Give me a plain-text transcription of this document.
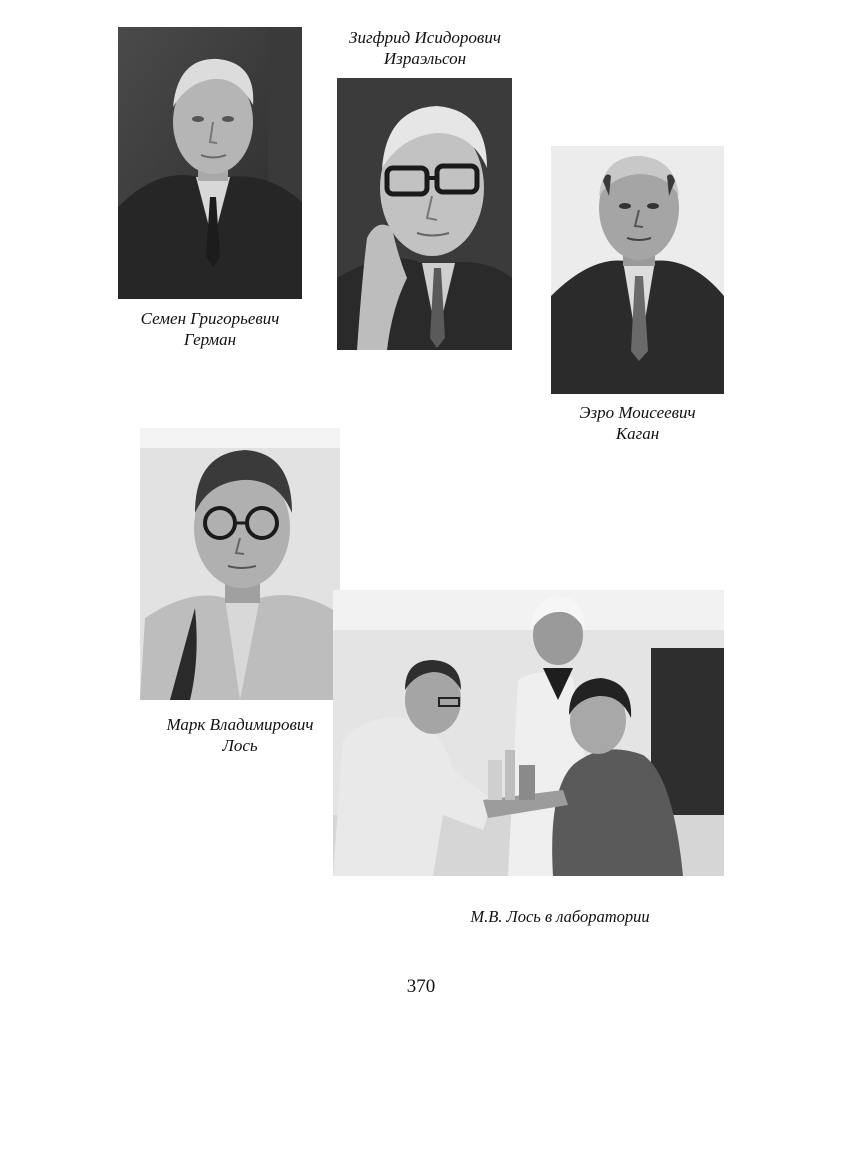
Семен Григорьевич
Герман
Зигфрид Исидорович
Израэльсон
Эзро Моисеевич
Каган
Марк Владимирович
Лось
М.В. Лось в лаборатории
370
